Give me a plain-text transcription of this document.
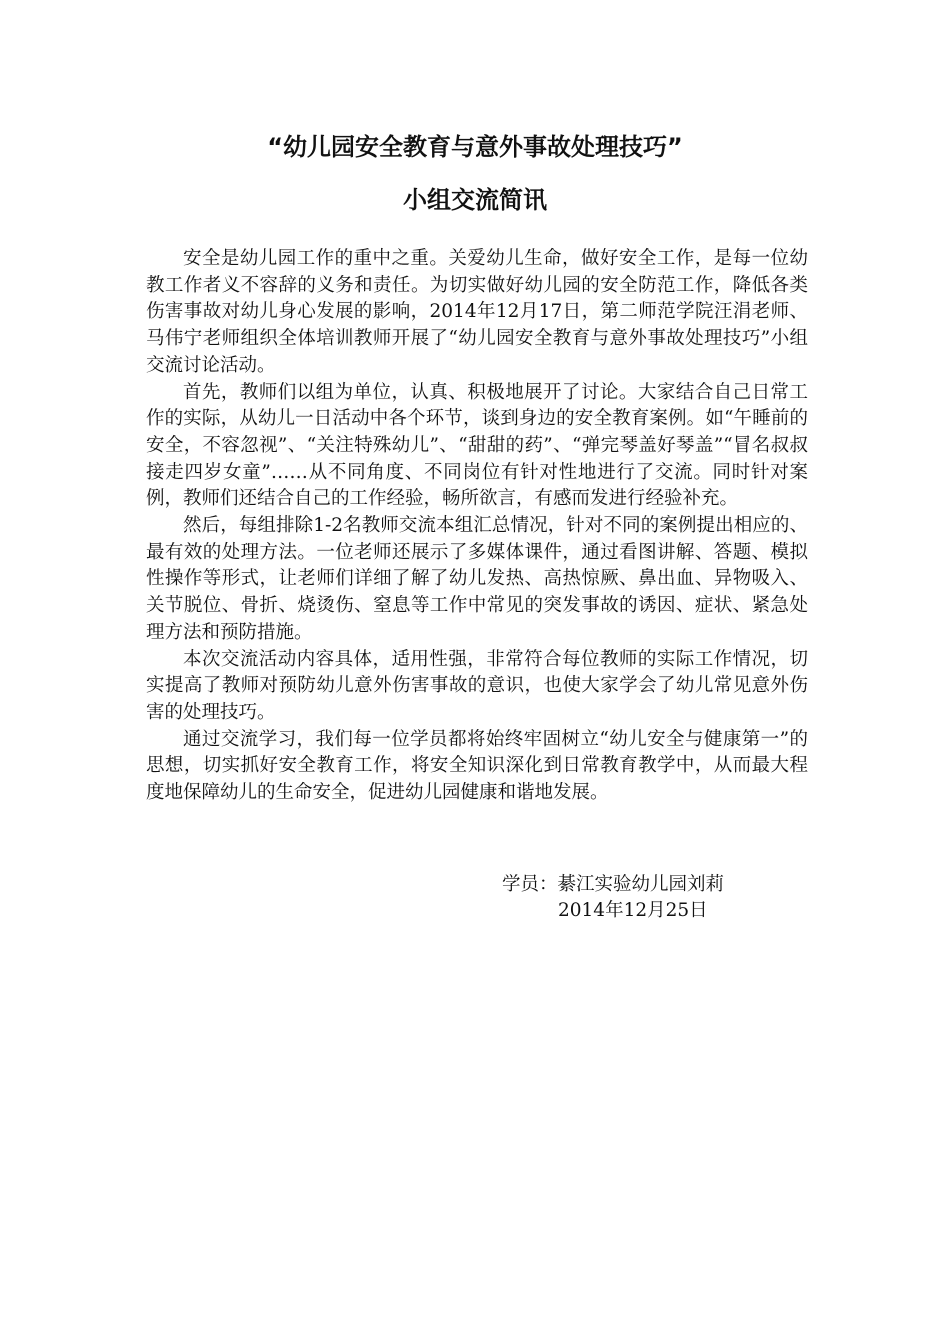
“幼儿园安全教育与意外事故处理技巧”
小组交流简讯

安全是幼儿园工作的重中之重。关爱幼儿生命，做好安全工作，是每一位幼教工作者义不容辞的义务和责任。为切实做好幼儿园的安全防范工作，降低各类伤害事故对幼儿身心发展的影响，2014年12月17日，第二师范学院汪涓老师、马伟宁老师组织全体培训教师开展了“幼儿园安全教育与意外事故处理技巧”小组交流讨论活动。

首先，教师们以组为单位，认真、积极地展开了讨论。大家结合自己日常工作的实际，从幼儿一日活动中各个环节，谈到身边的安全教育案例。如“午睡前的安全，不容忽视”、“关注特殊幼儿”、“甜甜的药”、“弹完琴盖好琴盖”“冒名叔叔接走四岁女童”……从不同角度、不同岗位有针对性地进行了交流。同时针对案例，教师们还结合自己的工作经验，畅所欲言，有感而发进行经验补充。

然后，每组排除1-2名教师交流本组汇总情况，针对不同的案例提出相应的、最有效的处理方法。一位老师还展示了多媒体课件，通过看图讲解、答题、模拟性操作等形式，让老师们详细了解了幼儿发热、高热惊厥、鼻出血、异物吸入、关节脱位、骨折、烧烫伤、窒息等工作中常见的突发事故的诱因、症状、紧急处理方法和预防措施。

本次交流活动内容具体，适用性强，非常符合每位教师的实际工作情况，切实提高了教师对预防幼儿意外伤害事故的意识，也使大家学会了幼儿常见意外伤害的处理技巧。

通过交流学习，我们每一位学员都将始终牢固树立“幼儿安全与健康第一”的思想，切实抓好安全教育工作，将安全知识深化到日常教育教学中，从而最大程度地保障幼儿的生命安全，促进幼儿园健康和谐地发展。

学员：綦江实验幼儿园刘莉
2014年12月25日
